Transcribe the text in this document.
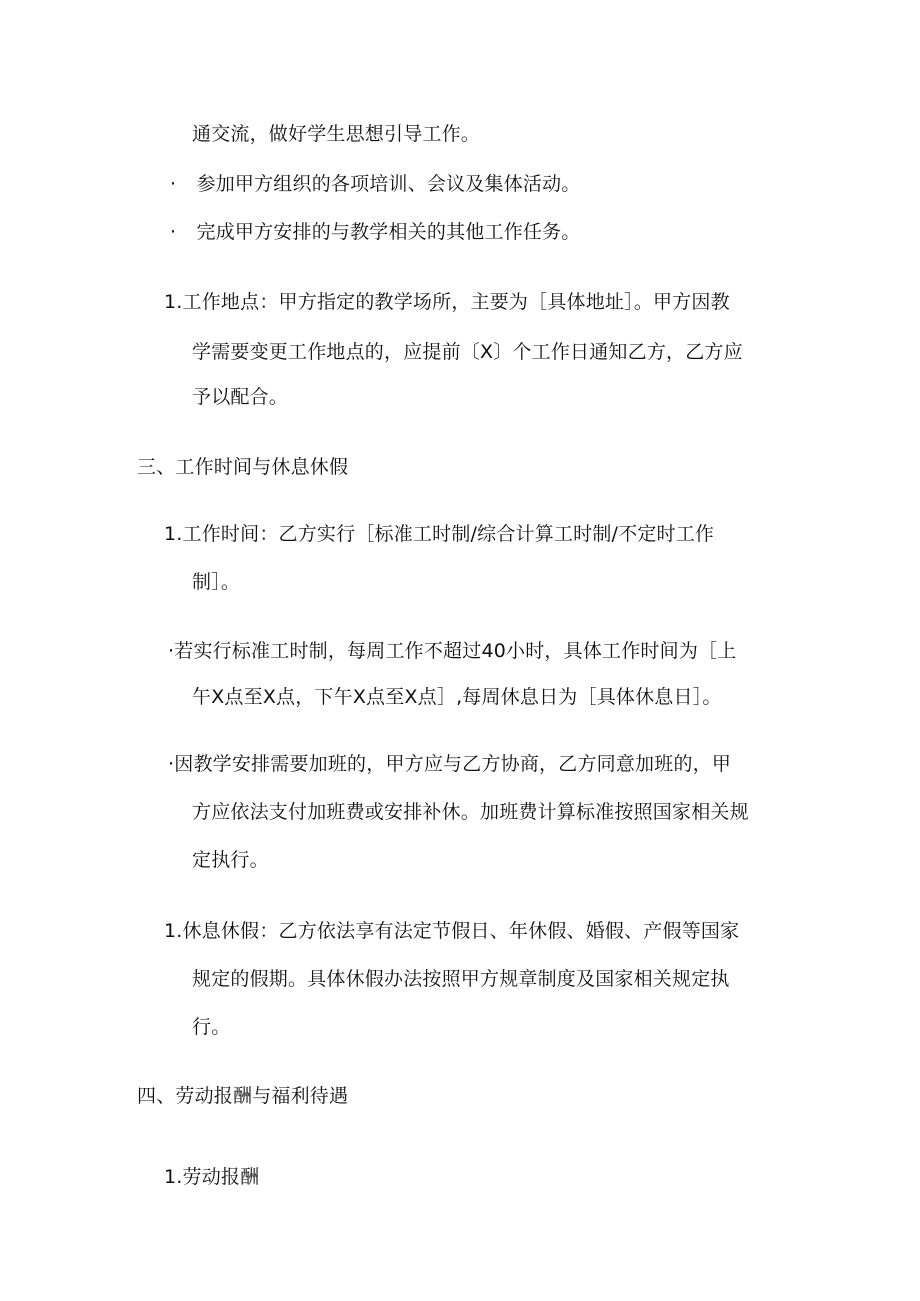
通交流，做好学生思想引导工作。
· 参加甲方组织的各项培训、会议及集体活动。
· 完成甲方安排的与教学相关的其他工作任务。
1.工作地点：甲方指定的教学场所，主要为［具体地址］。甲方因教
学需要变更工作地点的，应提前〔X〕个工作日通知乙方，乙方应
予以配合。
三、工作时间与休息休假
1.工作时间：乙方实行［标准工时制/综合计算工时制/不定时工作
制］。
·若实行标准工时制，每周工作不超过40小时，具体工作时间为［上
午X点至X点，下午X点至X点］,每周休息日为［具体休息日］。
·因教学安排需要加班的，甲方应与乙方协商，乙方同意加班的，甲
方应依法支付加班费或安排补休。加班费计算标准按照国家相关规
定执行。
1.休息休假：乙方依法享有法定节假日、年休假、婚假、产假等国家
规定的假期。具体休假办法按照甲方规章制度及国家相关规定执
行。
四、劳动报酬与福利待遇
1.劳动报酬
